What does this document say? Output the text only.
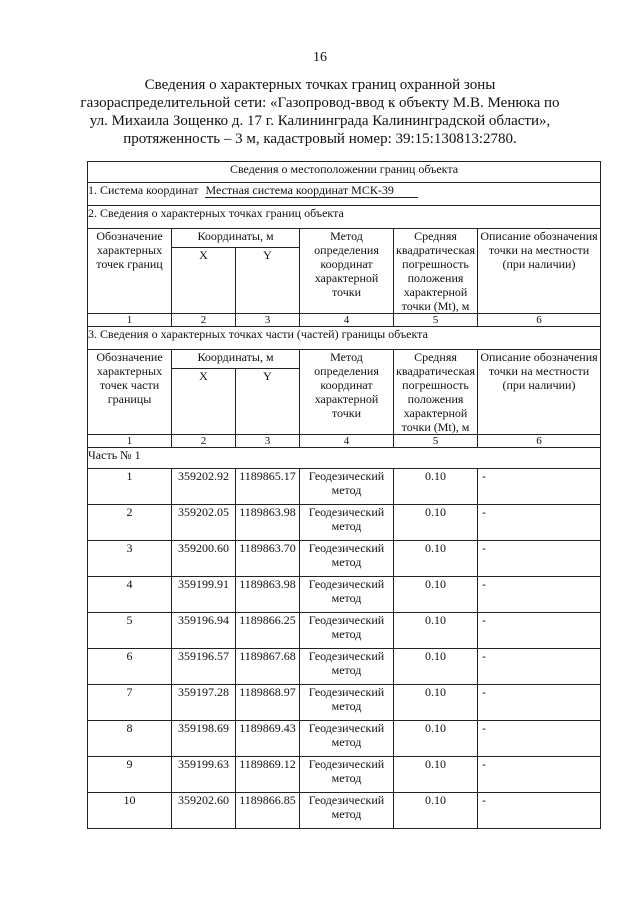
16
Сведения о характерных точках границ охранной зоны
газораспределительной сети: «Газопровод-ввод к объекту М.В. Менюка по
ул. Михаила Зощенко д. 17 г. Калининграда Калининградской области»,
протяженность – 3 м, кадастровый номер: 39:15:130813:2780.
Сведения о местоположении границ объекта					
1. Система координат Местная система координат МСК-39					
2. Сведения о характерных точках границ объекта					
Обозначение характерных точек границ	Координаты, м		Метод определения координат характерной точки	Средняя квадратическая погрешность положения характерной точки (Mt), м	Описание обозначения точки на местности (при наличии)
	X	Y			
1	2	3	4	5	6
3. Сведения о характерных точках части (частей) границы объекта					
Обозначение характерных точек части границы	Координаты, м		Метод определения координат характерной точки	Средняя квадратическая погрешность положения характерной точки (Mt), м	Описание обозначения точки на местности (при наличии)
	X	Y			
1	2	3	4	5	6
Часть № 1					
1	359202.92	1189865.17	Геодезический метод	0.10	-
2	359202.05	1189863.98	Геодезический метод	0.10	-
3	359200.60	1189863.70	Геодезический метод	0.10	-
4	359199.91	1189863.98	Геодезический метод	0.10	-
5	359196.94	1189866.25	Геодезический метод	0.10	-
6	359196.57	1189867.68	Геодезический метод	0.10	-
7	359197.28	1189868.97	Геодезический метод	0.10	-
8	359198.69	1189869.43	Геодезический метод	0.10	-
9	359199.63	1189869.12	Геодезический метод	0.10	-
10	359202.60	1189866.85	Геодезический метод	0.10	-
